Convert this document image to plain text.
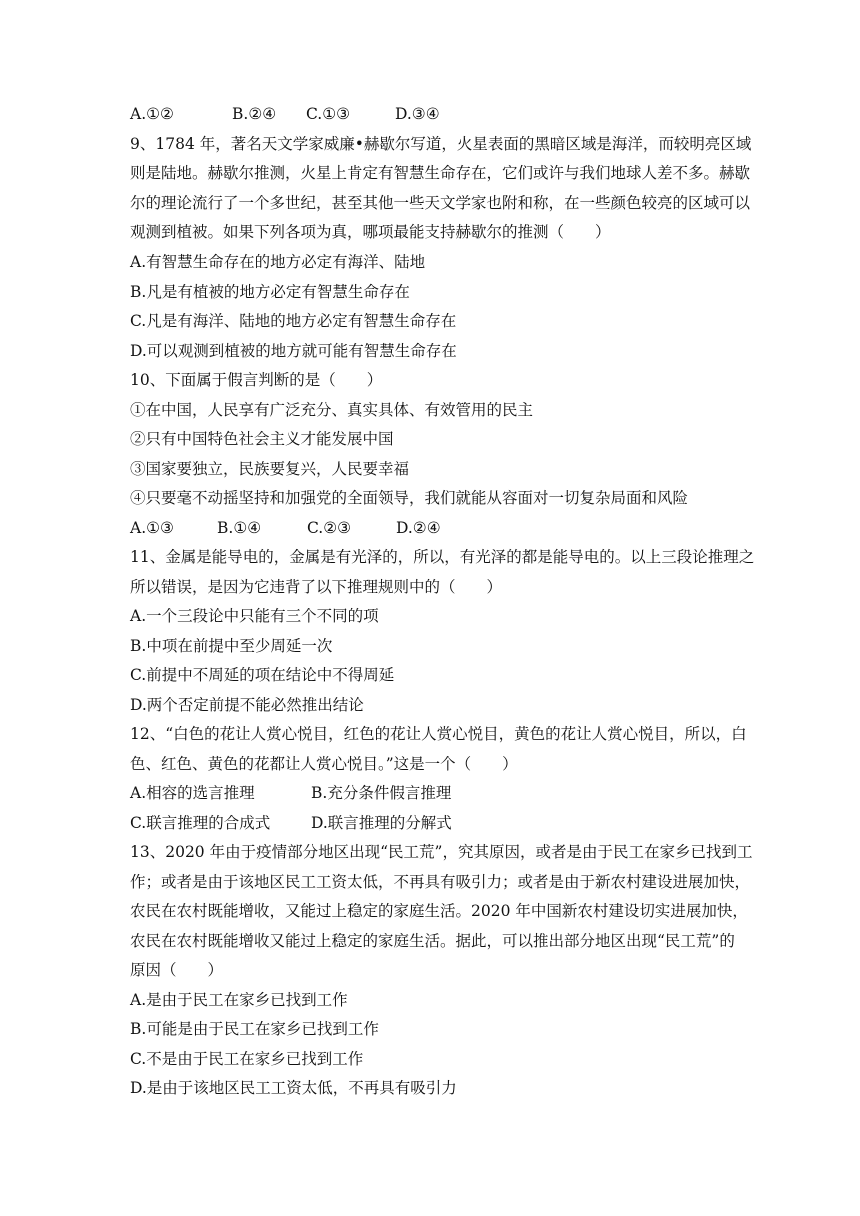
A.①②	B.②④ C.①③	D.③④
9、1784 年，著名天文学家威廉•赫歇尔写道，火星表面的黑暗区域是海洋，而较明亮区域
则是陆地。赫歇尔推测，火星上肯定有智慧生命存在，它们或许与我们地球人差不多。赫歇
尔的理论流行了一个多世纪，甚至其他一些天文学家也附和称，在一些颜色较亮的区域可以
观测到植被。如果下列各项为真，哪项最能支持赫歇尔的推测（　　）
A.有智慧生命存在的地方必定有海洋、陆地
B.凡是有植被的地方必定有智慧生命存在
C.凡是有海洋、陆地的地方必定有智慧生命存在
D.可以观测到植被的地方就可能有智慧生命存在
10、下面属于假言判断的是（　　）
①在中国，人民享有广泛充分、真实具体、有效管用的民主
②只有中国特色社会主义才能发展中国
③国家要独立，民族要复兴，人民要幸福
④只要毫不动摇坚持和加强党的全面领导，我们就能从容面对一切复杂局面和风险
A.①③	B.①④	C.②③	D.②④
11、金属是能导电的，金属是有光泽的，所以，有光泽的都是能导电的。以上三段论推理之
所以错误，是因为它违背了以下推理规则中的（　　）
A.一个三段论中只能有三个不同的项
B.中项在前提中至少周延一次
C.前提中不周延的项在结论中不得周延
D.两个否定前提不能必然推出结论
12、“白色的花让人赏心悦目，红色的花让人赏心悦目，黄色的花让人赏心悦目，所以，白
色、红色、黄色的花都让人赏心悦目。”这是一个（　　）
A.相容的选言推理	B.充分条件假言推理
C.联言推理的合成式	D.联言推理的分解式
13、2020 年由于疫情部分地区出现“民工荒”，究其原因，或者是由于民工在家乡已找到工
作；或者是由于该地区民工工资太低，不再具有吸引力；或者是由于新农村建设进展加快，
农民在农村既能增收，又能过上稳定的家庭生活。2020 年中国新农村建设切实进展加快，
农民在农村既能增收又能过上稳定的家庭生活。据此，可以推出部分地区出现“民工荒”的
原因（　　）
A.是由于民工在家乡已找到工作
B.可能是由于民工在家乡已找到工作
C.不是由于民工在家乡已找到工作
D.是由于该地区民工工资太低，不再具有吸引力
